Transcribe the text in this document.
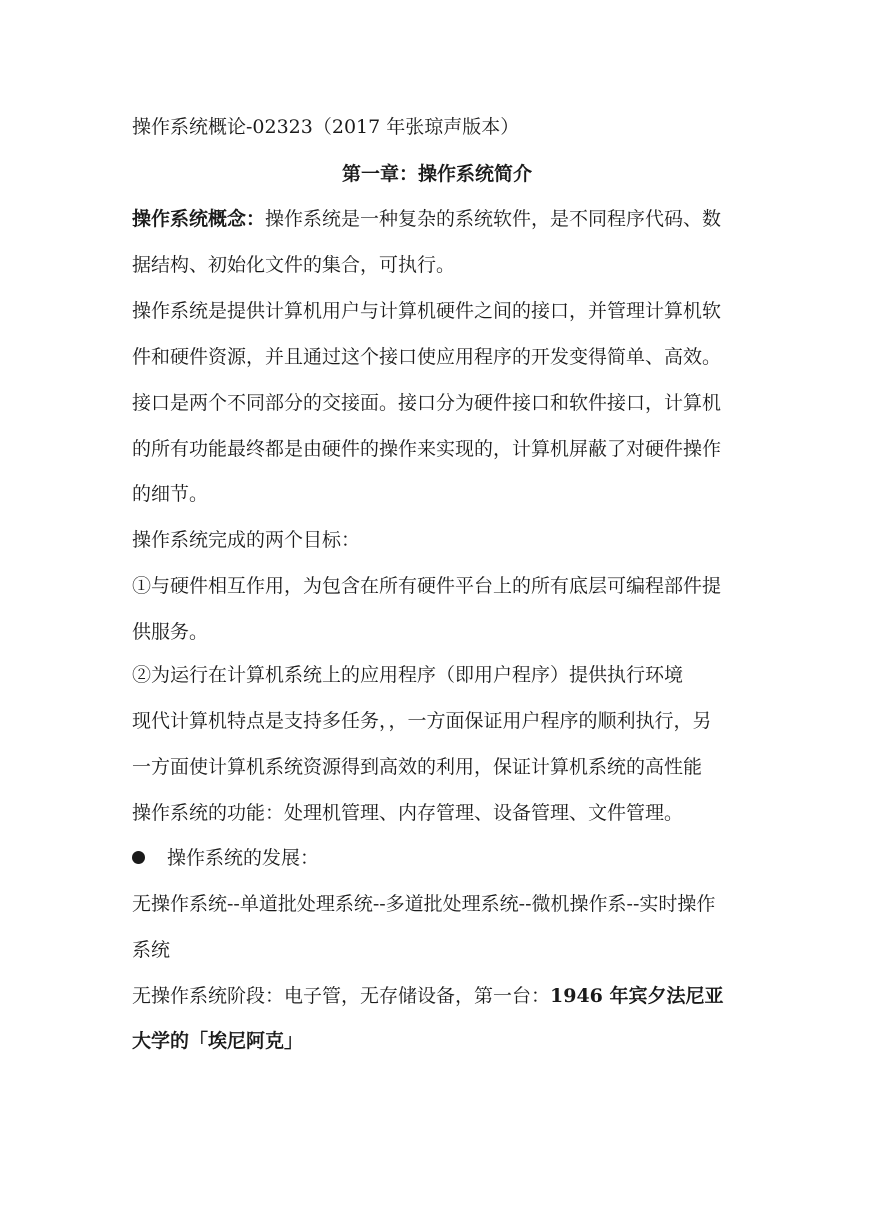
操作系统概论-02323（2017 年张琼声版本）
第一章：操作系统简介
操作系统概念：操作系统是一种复杂的系统软件，是不同程序代码、数
据结构、初始化文件的集合，可执行。
操作系统是提供计算机用户与计算机硬件之间的接口，并管理计算机软
件和硬件资源，并且通过这个接口使应用程序的开发变得简单、高效。
接口是两个不同部分的交接面。接口分为硬件接口和软件接口，计算机
的所有功能最终都是由硬件的操作来实现的，计算机屏蔽了对硬件操作
的细节。
操作系统完成的两个目标：
①与硬件相互作用，为包含在所有硬件平台上的所有底层可编程部件提
供服务。
②为运行在计算机系统上的应用程序（即用户程序）提供执行环境
现代计算机特点是支持多任务，，一方面保证用户程序的顺利执行，另
一方面使计算机系统资源得到高效的利用，保证计算机系统的高性能
操作系统的功能：处理机管理、内存管理、设备管理、文件管理。
操作系统的发展：
无操作系统--单道批处理系统--多道批处理系统--微机操作系--实时操作
系统
无操作系统阶段：电子管，无存储设备，第一台：1946 年宾夕法尼亚
大学的「埃尼阿克」
